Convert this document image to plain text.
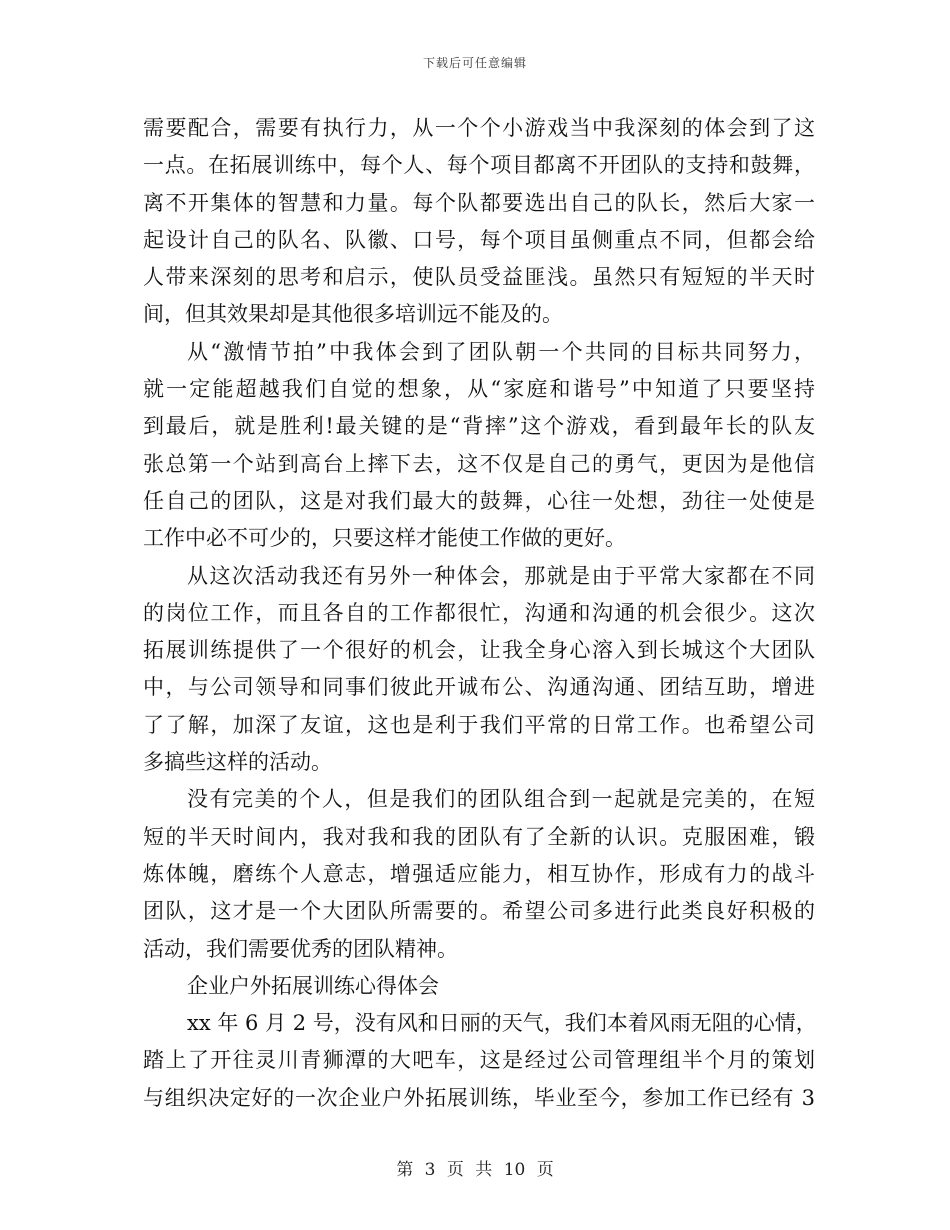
下载后可任意编辑
需要配合，需要有执行力，从一个个小游戏当中我深刻的体会到了这
一点。在拓展训练中，每个人、每个项目都离不开团队的支持和鼓舞，
离不开集体的智慧和力量。每个队都要选出自己的队长，然后大家一
起设计自己的队名、队徽、口号，每个项目虽侧重点不同，但都会给
人带来深刻的思考和启示，使队员受益匪浅。虽然只有短短的半天时
间，但其效果却是其他很多培训远不能及的。
从“激情节拍”中我体会到了团队朝一个共同的目标共同努力，
就一定能超越我们自觉的想象，从“家庭和谐号”中知道了只要坚持
到最后，就是胜利!最关键的是“背摔”这个游戏，看到最年长的队友
张总第一个站到高台上摔下去，这不仅是自己的勇气，更因为是他信
任自己的团队，这是对我们最大的鼓舞，心往一处想，劲往一处使是
工作中必不可少的，只要这样才能使工作做的更好。
从这次活动我还有另外一种体会，那就是由于平常大家都在不同
的岗位工作，而且各自的工作都很忙，沟通和沟通的机会很少。这次
拓展训练提供了一个很好的机会，让我全身心溶入到长城这个大团队
中，与公司领导和同事们彼此开诚布公、沟通沟通、团结互助，增进
了了解，加深了友谊，这也是利于我们平常的日常工作。也希望公司
多搞些这样的活动。
没有完美的个人，但是我们的团队组合到一起就是完美的，在短
短的半天时间内，我对我和我的团队有了全新的认识。克服困难，锻
炼体魄，磨练个人意志，增强适应能力，相互协作，形成有力的战斗
团队，这才是一个大团队所需要的。希望公司多进行此类良好积极的
活动，我们需要优秀的团队精神。
企业户外拓展训练心得体会
xx 年 6 月 2 号，没有风和日丽的天气，我们本着风雨无阻的心情，
踏上了开往灵川青狮潭的大吧车，这是经过公司管理组半个月的策划
与组织决定好的一次企业户外拓展训练，毕业至今，参加工作已经有 3
第 3 页 共 10 页
